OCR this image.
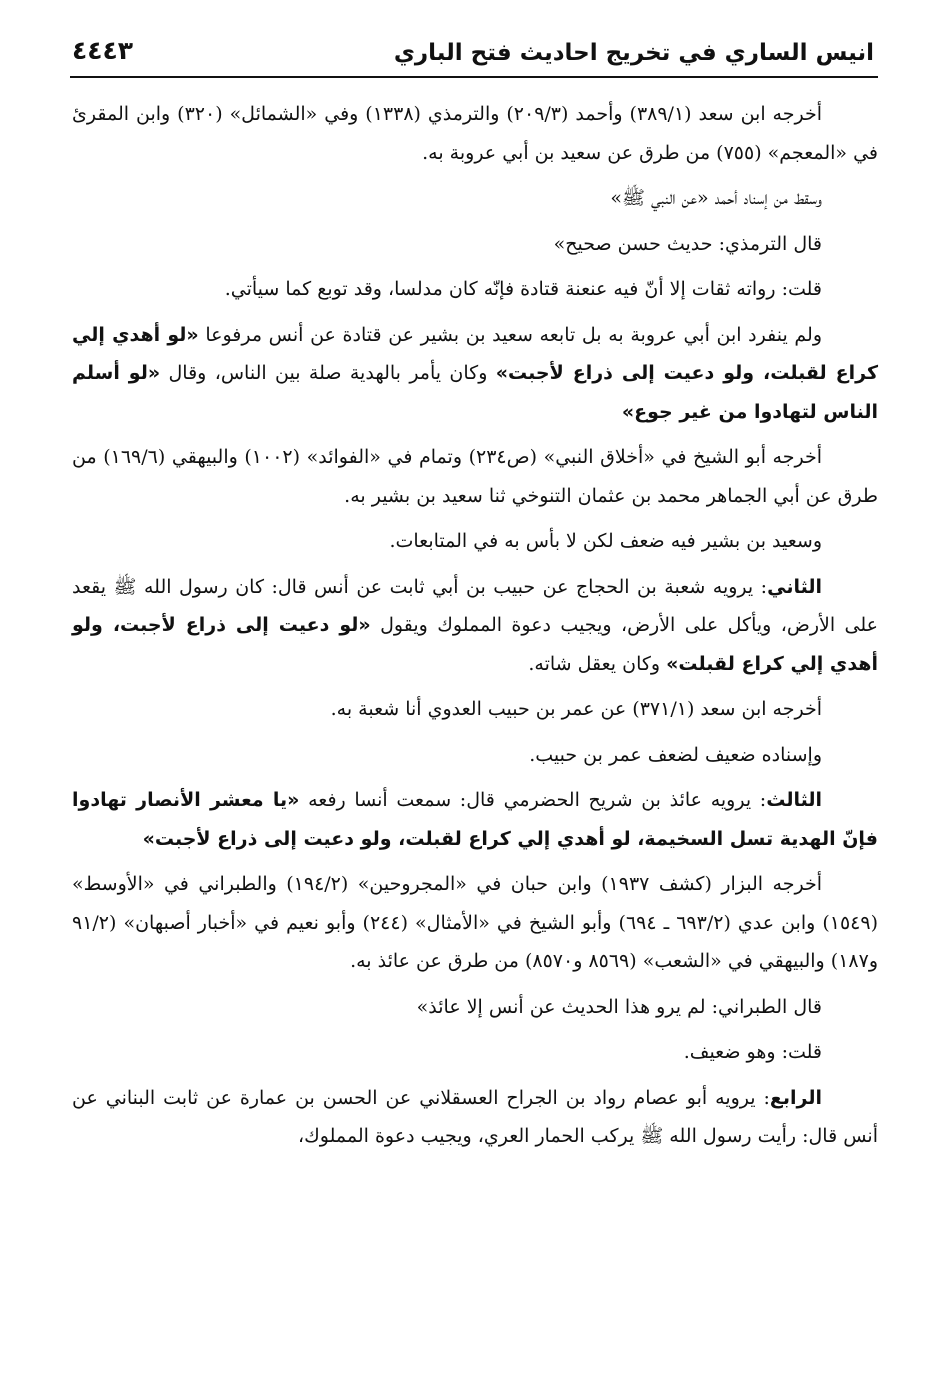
انيس الساري في تخريج احاديث فتح الباري
٤٤٤٣

أخرجه ابن سعد (٣٨٩/١) وأحمد (٢٠٩/٣) والترمذي (١٣٣٨) وفي «الشمائل» (٣٢٠) وابن المقرئ في «المعجم» (٧٥٥) من طرق عن سعيد بن أبي عروبة به.

وسقط من إسناد أحمد «عن النبي ﷺ»

قال الترمذي: حديث حسن صحيح»

قلت: رواته ثقات إلا أنّ فيه عنعنة قتادة فإنّه كان مدلسا، وقد توبع كما سيأتي.

ولم ينفرد ابن أبي عروبة به بل تابعه سعيد بن بشير عن قتادة عن أنس مرفوعا «لو أهدي إلي كراع لقبلت، ولو دعيت إلى ذراع لأجبت» وكان يأمر بالهدية صلة بين الناس، وقال «لو أسلم الناس لتهادوا من غير جوع»

أخرجه أبو الشيخ في «أخلاق النبي» (ص٢٣٤) وتمام في «الفوائد» (١٠٠٢) والبيهقي (١٦٩/٦) من طرق عن أبي الجماهر محمد بن عثمان التنوخي ثنا سعيد بن بشير به.

وسعيد بن بشير فيه ضعف لكن لا بأس به في المتابعات.

الثاني: يرويه شعبة بن الحجاج عن حبيب بن أبي ثابت عن أنس قال: كان رسول الله ﷺ يقعد على الأرض، ويأكل على الأرض، ويجيب دعوة المملوك ويقول «لو دعيت إلى ذراع لأجبت، ولو أهدي إلي كراع لقبلت» وكان يعقل شاته.

أخرجه ابن سعد (٣٧١/١) عن عمر بن حبيب العدوي أنا شعبة به.

وإسناده ضعيف لضعف عمر بن حبيب.

الثالث: يرويه عائذ بن شريح الحضرمي قال: سمعت أنسا رفعه «يا معشر الأنصار تهادوا فإنّ الهدية تسل السخيمة، لو أهدي إلي كراع لقبلت، ولو دعيت إلى ذراع لأجبت»

أخرجه البزار (كشف ١٩٣٧) وابن حبان في «المجروحين» (١٩٤/٢) والطبراني في «الأوسط» (١٥٤٩) وابن عدي (٦٩٣/٢ ـ ٦٩٤) وأبو الشيخ في «الأمثال» (٢٤٤) وأبو نعيم في «أخبار أصبهان» (٩١/٢ و١٨٧) والبيهقي في «الشعب» (٨٥٦٩ و٨٥٧٠) من طرق عن عائذ به.

قال الطبراني: لم يرو هذا الحديث عن أنس إلا عائذ»

قلت: وهو ضعيف.

الرابع: يرويه أبو عصام رواد بن الجراح العسقلاني عن الحسن بن عمارة عن ثابت البناني عن أنس قال: رأيت رسول الله ﷺ يركب الحمار العري، ويجيب دعوة المملوك،
